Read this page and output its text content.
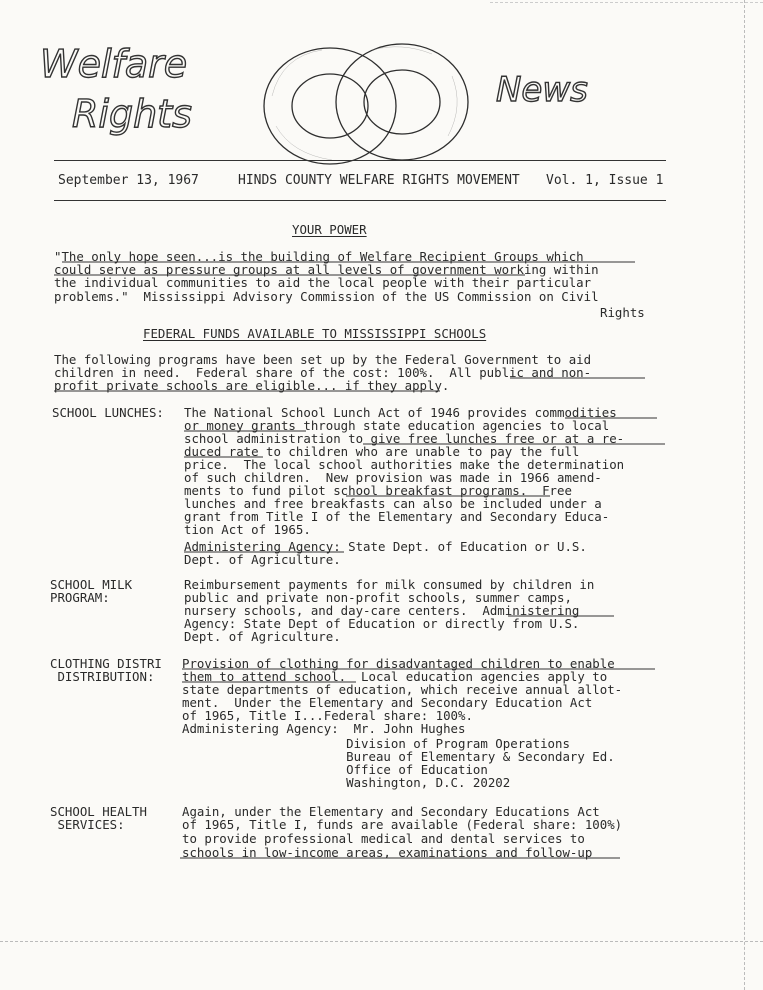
Welfare
Rights
News
September 13, 1967	HINDS COUNTY WELFARE RIGHTS MOVEMENT Vol. 1, Issue 1
YOUR POWER
"The only hope seen...is the building of Welfare Recipient Groups which
could serve as pressure groups at all levels of government working within
the individual communities to aid the local people with their particular
problems."  Mississippi Advisory Commission of the US Commission on Civil
Rights
FEDERAL FUNDS AVAILABLE TO MISSISSIPPI SCHOOLS
The following programs have been set up by the Federal Government to aid
children in need.  Federal share of the cost: 100%.  All public and non-
profit private schools are eligible... if they apply.
SCHOOL LUNCHES: The National School Lunch Act of 1946 provides commodities
or money grants through state education agencies to local
school administration to give free lunches free or at a re-
duced rate to children who are unable to pay the full
price.  The local school authorities make the determination
of such children.  New provision was made in 1966 amend-
ments to fund pilot school breakfast programs.  Free
lunches and free breakfasts can also be included under a
grant from Title I of the Elementary and Secondary Educa-
tion Act of 1965.
Administering Agency: State Dept. of Education or U.S.
Dept. of Agriculture.
SCHOOL MILK
PROGRAM:
Reimbursement payments for milk consumed by children in
public and private non-profit schools, summer camps,
nursery schools, and day-care centers.  Administering
Agency: State Dept of Education or directly from U.S.
Dept. of Agriculture.
CLOTHING DISTRI
DISTRIBUTION:
Provision of clothing for disadvantaged children to enable
them to attend school.  Local education agencies apply to
state departments of education, which receive annual allot-
ment.  Under the Elementary and Secondary Education Act
of 1965, Title I...Federal share: 100%.
Administering Agency:  Mr. John Hughes
Division of Program Operations
Bureau of Elementary & Secondary Ed.
Office of Education
Washington, D.C. 20202
SCHOOL HEALTH
SERVICES:
Again, under the Elementary and Secondary Educations Act
of 1965, Title I, funds are available (Federal share: 100%)
to provide professional medical and dental services to
schools in low-income areas, examinations and follow-up
